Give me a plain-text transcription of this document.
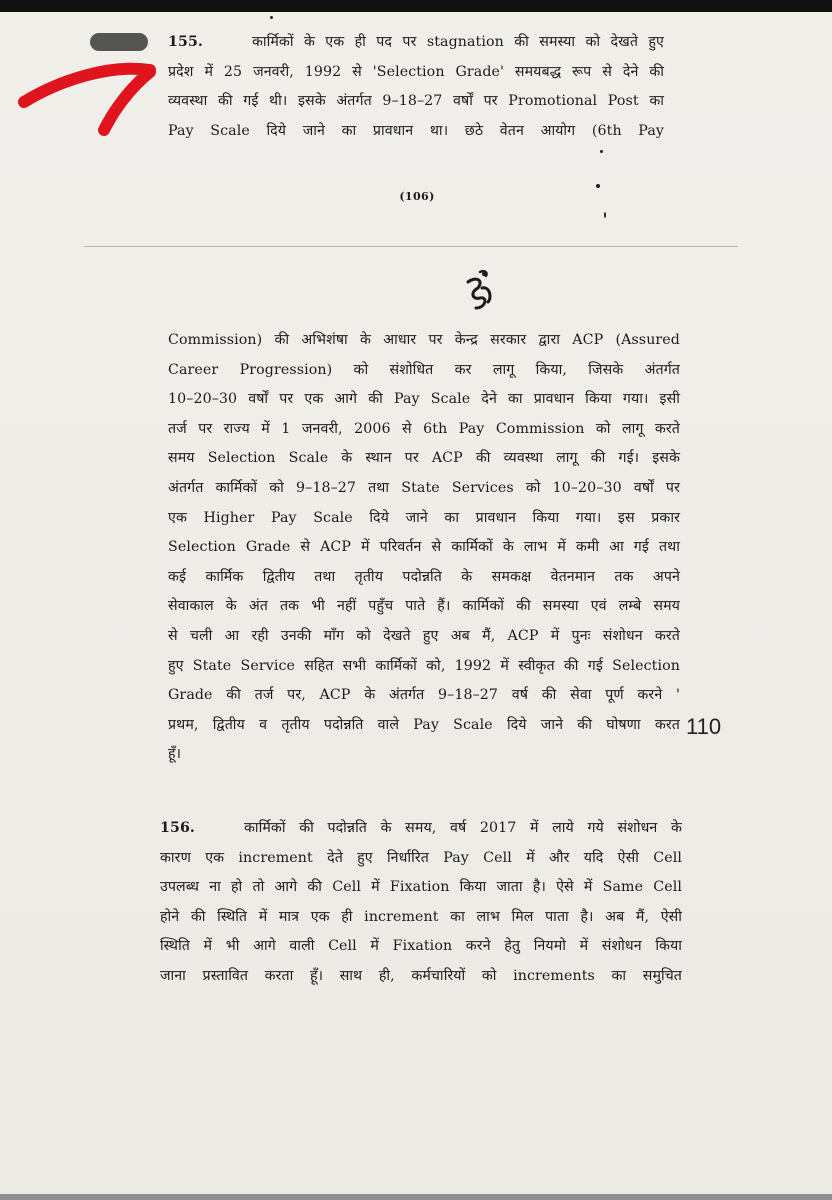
155.	कार्मिकों के एक ही पद पर stagnation की समस्या को देखते हुए
प्रदेश में 25 जनवरी, 1992 से 'Selection Grade' समयबद्ध रूप से देने की
व्यवस्था की गई थी। इसके अंतर्गत 9–18–27 वर्षों पर Promotional Post का
Pay Scale दिये जाने का प्रावधान था। छठे वेतन आयोग (6th Pay
(106)
Commission) की अभिशंषा के आधार पर केन्द्र सरकार द्वारा ACP (Assured
Career Progression) को संशोधित कर लागू किया, जिसके अंतर्गत
10–20–30 वर्षों पर एक आगे की Pay Scale देने का प्रावधान किया गया। इसी
तर्ज पर राज्य में 1 जनवरी, 2006 से 6th Pay Commission को लागू करते
समय Selection Scale के स्थान पर ACP की व्यवस्था लागू की गई। इसके
अंतर्गत कार्मिकों को 9–18–27 तथा State Services को 10–20–30 वर्षों पर
एक Higher Pay Scale दिये जाने का प्रावधान किया गया। इस प्रकार
Selection Grade से ACP में परिवर्तन से कार्मिकों के लाभ में कमी आ गई तथा
कई कार्मिक द्वितीय तथा तृतीय पदोन्नति के समकक्ष वेतनमान तक अपने
सेवाकाल के अंत तक भी नहीं पहुँच पाते हैं। कार्मिकों की समस्या एवं लम्बे समय
से चली आ रही उनकी माँग को देखते हुए अब मैं, ACP में पुनः संशोधन करते
हुए State Service सहित सभी कार्मिकों को, 1992 में स्वीकृत की गई Selection
Grade की तर्ज पर, ACP के अंतर्गत 9–18–27 वर्ष की सेवा पूर्ण करने '
प्रथम, द्वितीय व तृतीय पदोन्नति वाले Pay Scale दिये जाने की घोषणा करत
हूँ।
110
156.	कार्मिकों की पदोन्नति के समय, वर्ष 2017 में लाये गये संशोधन के
कारण एक increment देते हुए निर्धारित Pay Cell में और यदि ऐसी Cell
उपलब्ध ना हो तो आगे की Cell में Fixation किया जाता है। ऐसे में Same Cell
होने की स्थिति में मात्र एक ही increment का लाभ मिल पाता है। अब मैं, ऐसी
स्थिति में भी आगे वाली Cell में Fixation करने हेतु नियमो में संशोधन किया
जाना प्रस्तावित करता हूँ। साथ ही, कर्मचारियों को increments का समुचित
